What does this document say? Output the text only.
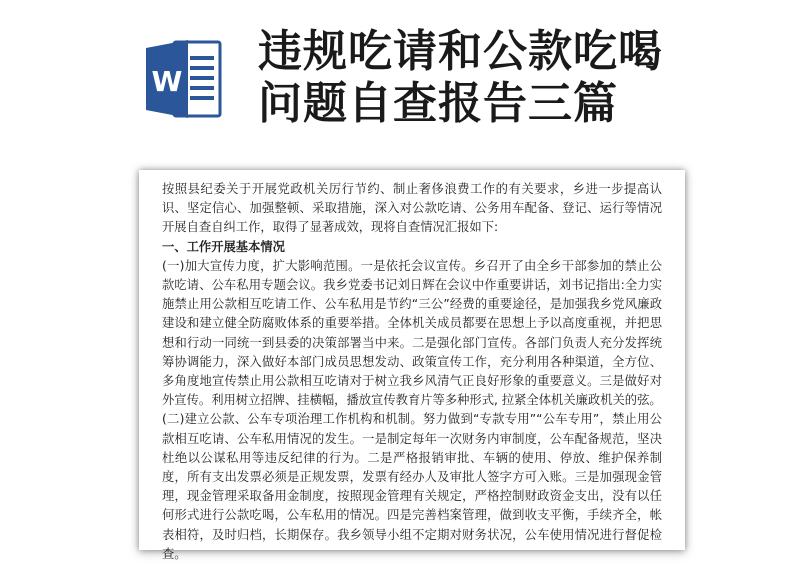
W
违规吃请和公款吃喝
问题自查报告三篇

按照县纪委关于开展党政机关厉行节约、制止奢侈浪费工作的有关要求，乡进一步提高认识、坚定信心、加强整顿、采取措施，深入对公款吃请、公务用车配备、登记、运行等情况开展自查自纠工作，取得了显著成效，现将自查情况汇报如下:

一、工作开展基本情况

(一)加大宣传力度，扩大影响范围。一是依托会议宣传。乡召开了由全乡干部参加的禁止公款吃请、公车私用专题会议。我乡党委书记刘日辉在会议中作重要讲话，刘书记指出:全力实施禁止用公款相互吃请工作、公车私用是节约“三公”经费的重要途径，是加强我乡党风廉政建设和建立健全防腐败体系的重要举措。全体机关成员都要在思想上予以高度重视，并把思想和行动一同统一到县委的决策部署当中来。二是强化部门宣传。各部门负责人充分发挥统筹协调能力，深入做好本部门成员思想发动、政策宣传工作，充分利用各种渠道，全方位、多角度地宣传禁止用公款相互吃请对于树立我乡风清气正良好形象的重要意义。三是做好对外宣传。利用树立招牌、挂横幅，播放宣传教育片等多种形式, 拉紧全体机关廉政机关的弦。

(二)建立公款、公车专项治理工作机构和机制。努力做到“专款专用”“公车专用”，禁止用公款相互吃请、公车私用情况的发生。一是制定每年一次财务内审制度，公车配备规范，坚决杜绝以公谋私用等违反纪律的行为。二是严格报销审批、车辆的使用、停放、维护保养制度，所有支出发票必须是正规发票，发票有经办人及审批人签字方可入账。三是加强现金管理，现金管理采取备用金制度，按照现金管理有关规定，严格控制财政资金支出，没有以任何形式进行公款吃喝，公车私用的情况。四是完善档案管理，做到收支平衡，手续齐全，帐表相符，及时归档，长期保存。我乡领导小组不定期对财务状况，公车使用情况进行督促检查。
